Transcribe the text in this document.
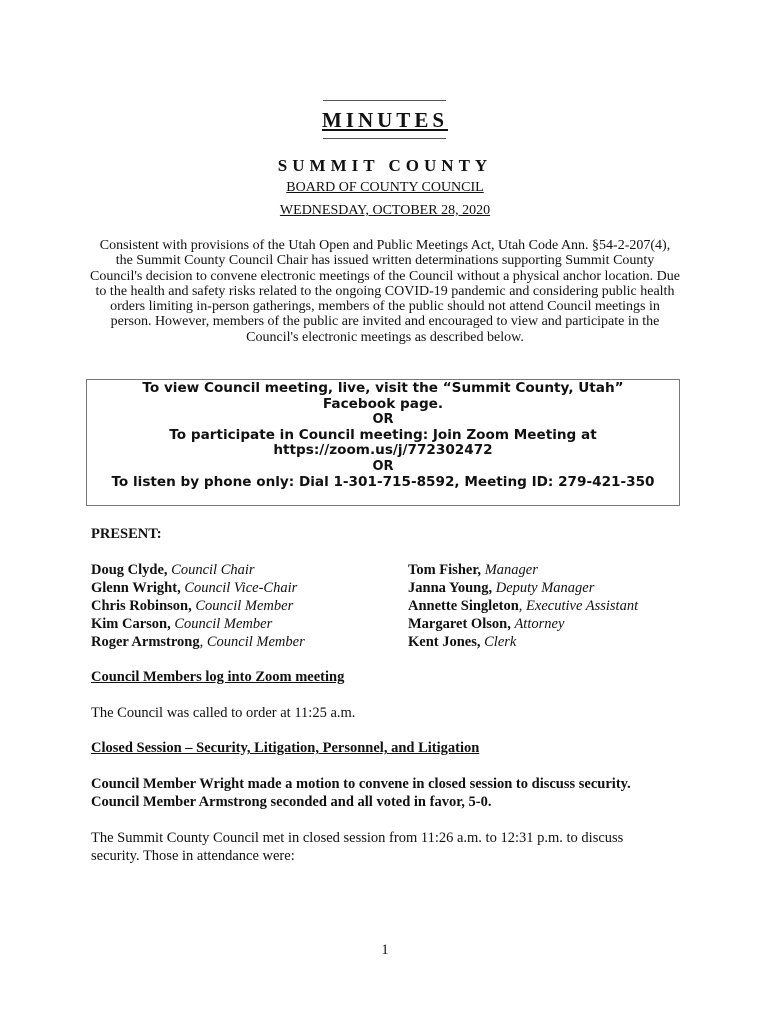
MINUTES
SUMMIT COUNTY
BOARD OF COUNTY COUNCIL
WEDNESDAY, OCTOBER 28, 2020
Consistent with provisions of the Utah Open and Public Meetings Act, Utah Code Ann. §54-2-207(4), the Summit County Council Chair has issued written determinations supporting Summit County Council's decision to convene electronic meetings of the Council without a physical anchor location. Due to the health and safety risks related to the ongoing COVID-19 pandemic and considering public health orders limiting in-person gatherings, members of the public should not attend Council meetings in person. However, members of the public are invited and encouraged to view and participate in the Council's electronic meetings as described below.
To view Council meeting, live, visit the “Summit County, Utah”
Facebook page.
OR
To participate in Council meeting: Join Zoom Meeting at
https://zoom.us/j/772302472
OR
To listen by phone only: Dial 1-301-715-8592, Meeting ID: 279-421-350
PRESENT:
Doug Clyde, Council Chair
Glenn Wright, Council Vice-Chair
Chris Robinson, Council Member
Kim Carson, Council Member
Roger Armstrong, Council Member
Tom Fisher, Manager
Janna Young, Deputy Manager
Annette Singleton, Executive Assistant
Margaret Olson, Attorney
Kent Jones, Clerk
Council Members log into Zoom meeting
The Council was called to order at 11:25 a.m.
Closed Session – Security, Litigation, Personnel, and Litigation
Council Member Wright made a motion to convene in closed session to discuss security.
Council Member Armstrong seconded and all voted in favor, 5-0.
The Summit County Council met in closed session from 11:26 a.m. to 12:31 p.m. to discuss security. Those in attendance were:
1
